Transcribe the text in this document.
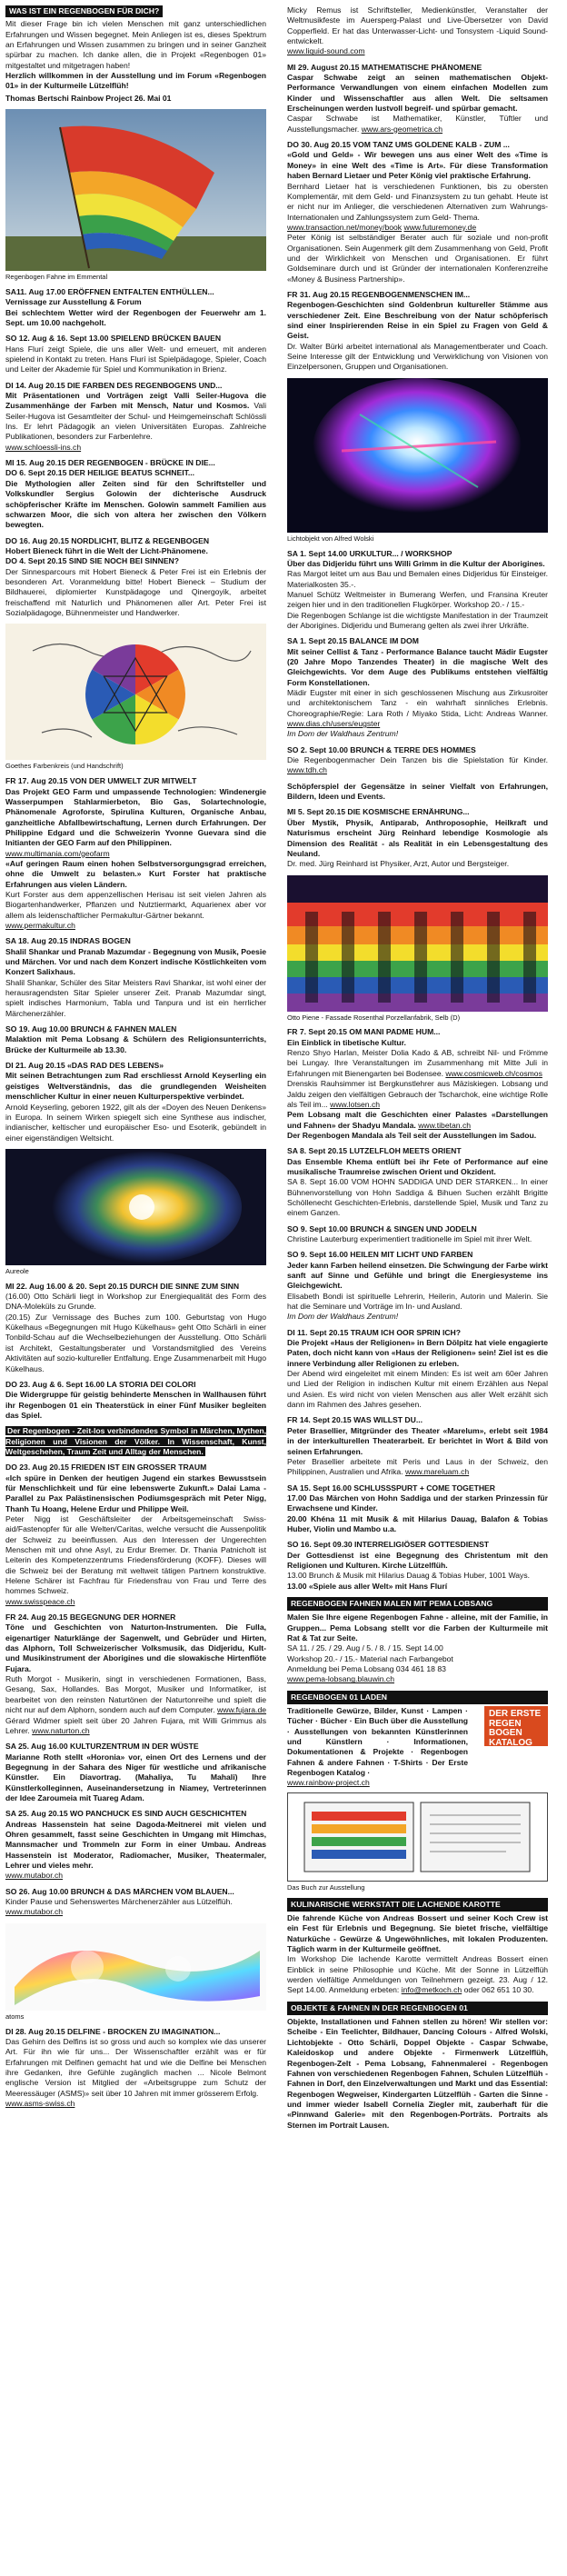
WAS IST EIN REGENBOGEN FÜR DICH?

Mit dieser Frage bin ich vielen Menschen mit ganz unterschiedlichen Erfahrungen und Wissen begegnet. Mein Anliegen ist es, dieses Spektrum an Erfahrungen und Wissen zusammen zu bringen und in seiner Ganzheit spürbar zu machen. Ich danke allen, die in Projekt «Regenbogen 01» mitgestaltet und mitgetragen haben!

Herzlich willkommen in der Ausstellung und im Forum «Regenbogen 01» in der Kulturmeile Lützelflüh!

Thomas Bertschi Rainbow Project 26. Mai 01
Regenbogen Fahne im Emmental

SA11. Aug 17.00 ERÖFFNEN ENTFALTEN ENTHÜLLEN...
Vernissage zur Ausstellung & Forum
Bei schlechtem Wetter wird der Regenbogen der Feuerwehr am 1. Sept. um 10.00 nachgeholt.

SO 12. Aug & 16. Sept 13.00 SPIELEND BRÜCKEN BAUEN
Hans Flurí zeigt Spiele, die uns aller Welt- und erneuert, mit anderen spielend in Kontakt zu treten. Hans Flurí ist Spielpädagoge, Spieler, Coach und Leiter der Akademie für Spiel und Kommunikation in Brienz.

DI 14. Aug 20.15 DIE FARBEN DES REGENBOGENS UND...
Mit Präsentationen und Vorträgen zeigt Valli Seiler-Hugova die Zusammenhänge der Farben mit Mensch, Natur und Kosmos. Vali Seiler-Hugova ist Gesamtleiter der Schul- und Heimgemeinschaft Schlössli Ins. Er lehrt Pädagogik an vielen Universitäten Europas. Zahlreiche Publikationen, besonders zur Farbenlehre.
www.schloessli-ins.ch

MI 15. Aug 20.15 DER REGENBOGEN - BRÜCKE IN DIE...
DO 6. Sept 20.15 DER HEILIGE BEATUS SCHNEIT...
Die Mythologien aller Zeiten sind für den Schriftsteller und Volkskundler Sergius Golowin der dichterische Ausdruck schöpferischer Kräfte im Menschen. Golowin sammelt Familien aus schwarzen Moor, die sich von altera her zwischen den Völkern bewegten.

DO 16. Aug 20.15 NORDLICHT, BLITZ & REGENBOGEN
Hobert Bieneck führt in die Welt der Licht-Phänomene.
DO 4. Sept 20.15 SIND SIE NOCH BEI SINNEN?
Der Sinnesparcours mit Hobert Bieneck & Peter Frei ist ein Erlebnis der besonderen Art. Voranmeldung bitte! Hobert Bieneck – Studium der Bildhauerei, diplomierter Kunstpädagoge und Qinergoyik, arbeitet freischaffend mit Naturlich und Phänomenen aller Art. Peter Frei ist Sozialpädagoge, Bühnenmeister und Handwerker.

Goethes Farbenkreis (und Handschrift)

FR 17. Aug 20.15 VON DER UMWELT ZUR MITWELT
Das Projekt GEO Farm und umpassende Technologien: Windenergie Wasserpumpen Stahlarmierbeton, Bio Gas, Solartechnologie, Phänomenale Agroforste, Spirulina Kulturen, Organische Anbau, ganzheitliche Abfallbewirtschaftung, Lernen durch Erfahrungen. Der Philippine Edgard und die Schweizerin Yvonne Guevara sind die Initianten der GEO Farm auf den Philippinen.
www.multimania.com/geofarm
«Auf geringen Raum einen hohen Selbstversorgungsgrad erreichen, ohne die Umwelt zu belasten.» Kurt Forster hat praktische Erfahrungen aus vielen Ländern.
Kurt Forster aus dem appenzellischen Herisau ist seit vielen Jahren als Biogartenhandwerker, Pflanzen und Nutztiermarkt, Aquarienex aber vor allem als leidenschaftlicher Permakultur-Gärtner bekannt.
www.permakultur.ch

SA 18. Aug 20.15 INDRAS BOGEN
Shalil Shankar und Pranab Mazumdar - Begegnung von Musik, Poesie und Märchen. Vor und nach dem Konzert indische Köstlichkeiten vom Konzert Salixhaus.
Shalil Shankar, Schüler des Sitar Meisters Ravi Shankar, ist wohl einer der herausragendsten Sitar Spieler unserer Zeit. Pranab Mazumdar singt, spielt indisches Harmonium, Tabla und Tanpura und ist ein herrlicher Märchenerzähler.

SO 19. Aug 10.00 BRUNCH & FAHNEN MALEN
Malaktion mit Pema Lobsang & Schülern des Religionsunterrichts, Brücke der Kulturmeile ab 13.30.

DI 21. Aug 20.15 «DAS RAD DES LEBENS»
Mit seinen Betrachtungen zum Rad erschliesst Arnold Keyserling ein geistiges Weltverständnis, das die grundlegenden Weisheiten menschlicher Kultur in einer neuen Kulturperspektive verbindet.
Arnold Keyserling, geboren 1922, gilt als der «Doyen des Neuen Denkens» in Europa. In seinem Wirken spiegelt sich eine Synthese aus indischer, indianischer, keltischer und europäischer Eso- und Esoterik, gebündelt in einer eigenständigen Weltsicht.

Aureole

MI 22. Aug 16.00 & 20. Sept 20.15 DURCH DIE SINNE ZUM SINN
(16.00) Otto Schärli liegt in Workshop zur Energiequalität des Form des DNA-Moleküls zu Grunde.
(20.15) Zur Vernissage des Buches zum 100. Geburtstag von Hugo Kükelhaus «Begegnungen mit Hugo Kükelhaus» geht Otto Schärli in einer Tonbild-Schau auf die Wechselbeziehungen der Ausstellung. Otto Schärli ist Architekt, Gestaltungsberater und Vorstandsmitglied des Vereins Aktivitäten auf sozio-kultureller Entfaltung. Enge Zusammenarbeit mit Hugo Kükelhaus.

DO 23. Aug & 6. Sept 16.00 LA STORIA DEI COLORI
Die Widergruppe für geistig behinderte Menschen in Wallhausen führt ihr Regenbogen 01 ein Theaterstück in einer Fünf Musiker begleiten das Spiel.

Der Regenbogen - Zeit-los verbindendes Symbol in Märchen, Mythen, Religionen und Visionen der Völker. In Wissenschaft, Kunst, Weltgeschehen, Traum Zeit und Alltag der Menschen.

DO 23. Aug 20.15 FRIEDEN IST EIN GROSSER TRAUM
«Ich spüre in Denken der heutigen Jugend ein starkes Bewusstsein für Menschlichkeit und für eine lebenswerte Zukunft.» Dalai Lama - Parallel zu Pax Palästinensischen Podiumsgespräch mit Peter Nigg, Thanh Tu Hoang, Helene Erdur und Philippe Weil.
Peter Nigg ist Geschäftsleiter der Arbeitsgemeinschaft Swiss-aid/Fastenopfer für alle Welten/Caritas, welche versucht die Aussenpolitik der Schweiz zu beeinflussen. Aus den Interessen der Ungerechten Menschen mit und ohne Asyl, zu Erdur Bremer. Dr. Thania Patnicholt ist Leiterin des Kompetenzzentrums Friedensförderung (KOFF). Dieses will die Schweiz bei der Beratung mit weltweit tätigen Partnern konstruktive. Helene Schärer ist Fachfrau für Friedensfrau von Frau und Terre des hommes Schweiz.
www.swisspeace.ch

FR 24. Aug 20.15 BEGEGNUNG DER HORNER
Töne und Geschichten von Naturton-Instrumenten. Die Fulla, eigenartiger Naturklänge der Sagenwelt, und Gebrüder und Hirten, das Alphorn, Toll Schweizerischer Volksmusik, das Didjeridu, Kult- und Musikinstrument der Aborigines und die slowakische Hirtenflöte Fujara.
Ruth Morgot - Musikerin, singt in verschiedenen Formationen, Bass, Gesang, Sax, Hollandes. Bas Morgot, Musiker und Informatiker, ist bearbeitet von den reinsten Naturtönen der Naturtonreihe und spielt die nicht nur auf dem Alphorn, sondern auch auf dem Computer. www.fujara.de Gérard Widmer spielt seit über 20 Jahren Fujara, mit Willi Grimmus als Lehrer. www.naturton.ch

SA 25. Aug 16.00 KULTURZENTRUM IN DER WÜSTE
Marianne Roth stellt «Horonia» vor, einen Ort des Lernens und der Begegnung in der Sahara des Niger für westliche und afrikanische Künstler. Ein Diavortrag. (Mahaliya, Tu Mahali) Ihre Künstlerkolleginnen, Auseinandersetzung in Niamey, Vertreterinnen der Idee Zaroumeia mit Tuareg Adam.

SA 25. Aug 20.15 WO PANCHUCK ES SIND AUCH GESCHICHTEN
Andreas Hassenstein hat seine Dagoda-Meitnerei mit vielen und Ohren gesammelt, fasst seine Geschichten in Umgang mit Himchas, Mannsmacher und Trommeln zur Form in einer Umbau. Andreas Hassenstein ist Moderator, Radiomacher, Musiker, Theatermaler, Lehrer und vieles mehr.
www.mutabor.ch

SO 26. Aug 10.00 BRUNCH & DAS MÄRCHEN VOM BLAUEN...
Kinder Pause und Sehenswertes Märchenerzähler aus Lützelflüh.
www.mutabor.ch

atoms

DI 28. Aug 20.15 DELFINE - BROCKEN ZU IMAGINATION...
Das Gehirn des Delfins ist so gross und auch so komplex wie das unserer Art. Für ihn wie für uns... Der Wissenschaftler erzählt was er für Erfahrungen mit Delfinen gemacht hat und wie die Delfine bei Menschen ihre Gedanken, ihre Gefühle zugänglich machen ... Nicole Belmont englische Version ist Mitglied der «Arbeitsgruppe zum Schutz der Meeressäuger (ASMS)» seit über 10 Jahren mit immer grösserem Erfolg.
www.asms-swiss.ch

Micky Remus ist Schriftsteller, Medienkünstler, Veranstalter der Weltmusikfeste im Auersperg-Palast und Live-Übersetzer von David Copperfield. Er hat das Unterwasser-Licht- und Tonsystem -Liquid Sound- entwickelt.
www.liquid-sound.com

MI 29. August 20.15 MATHEMATISCHE PHÄNOMENE
Caspar Schwabe zeigt an seinen mathematischen Objekt-Performance Verwandlungen von einem einfachen Modellen zum Kinder und Wissenschaftler aus allen Welt. Die seltsamen Erscheinungen werden lustvoll begreif- und spürbar gemacht.
Caspar Schwabe ist Mathematiker, Künstler, Tüftler und Ausstellungsmacher. www.ars-geometrica.ch

DO 30. Aug 20.15 VOM TANZ UMS GOLDENE KALB - ZUM ...
«Gold und Geld» - Wir bewegen uns aus einer Welt des «Time is Money» in eine Welt des «Time is Art». Für diese Transformation haben Bernard Lietaer und Peter König viel praktische Erfahrung.
Bernhard Lietaer hat is verschiedenen Funktionen, bis zu obersten Komplementär, mit dem Geld- und Finanzsystem zu tun gehabt. Heute ist er nicht nur im Anlieger, die verschiedenen Alternativen zum Wahrungs-Internationalen und Zahlungssystem zum Geld- Thema.
www.transaction.net/money/book www.futuremoney.de
Peter König ist selbständiger Berater auch für soziale und non-profit Organisationen. Sein Augenmerk gilt dem Zusammenhang von Geld, Profit und der Wirklichkeit von Menschen und Organisationen. Er führt Goldseminare durch und ist Gründer der internationalen Konferenzreihe «Money & Business Partnership».

FR 31. Aug 20.15 REGENBOGENMENSCHEN IM...
Regenbogen-Geschichten sind Goldenbrun kultureller Stämme aus verschiedener Zeit. Eine Beschreibung von der Natur schöpferisch sind einer Inspirierenden Reise in ein Spiel zu Fragen von Geld & Geist.
Dr. Walter Bürki arbeitet international als Managementberater und Coach. Seine Interesse gilt der Entwicklung und Verwirklichung von Visionen von Einzelpersonen, Gruppen und Organisationen.

Lichtobjekt von Alfred Wolski

SA 1. Sept 14.00 URKULTUR... / WORKSHOP
Über das Didjeridu führt uns Willi Grimm in die Kultur der Aborigines.
Ras Margot leitet um aus Bau und Bemalen eines Didjeridus für Einsteiger. Materialkosten 35.-.
Manuel Schütz Weltmeister in Bumerang Werfen, und Fransina Kreuter zeigen hier und in den traditionellen Flugkörper. Workshop 20.- / 15.-
Die Regenbogen Schlange ist die wichtigste Manifestation in der Traumzeit der Aborigines. Didjeridu und Bumerang gelten als zwei ihrer Urkräfte.

SA 1. Sept 20.15 BALANCE IM DOM
Mit seiner Cellist & Tanz - Performance Balance taucht Mädir Eugster (20 Jahre Mopo Tanzendes Theater) in die magische Welt des Gleichgewichts. Vor dem Auge des Publikums entstehen vielfältig Form Konstellationen.
Mädir Eugster mit einer in sich geschlossenen Mischung aus Zirkusroiter und architektonischem Tanz - ein wahrhaft sinnliches Erlebnis. Choreographie/Regie: Lara Roth / Miyako Stida, Licht: Andreas Wanner. www.dias.ch/users/eugster
Im Dom der Waldhaus Zentrum!

SO 2. Sept 10.00 BRUNCH & TERRE DES HOMMES
Die Regenbogenmacher Dein Tanzen bis die Spielstation für Kinder. www.tdh.ch

Schöpferspiel der Gegensätze in seiner Vielfalt von Erfahrungen, Bildern, Ideen und Events.

MI 5. Sept 20.15 DIE KOSMISCHE ERNÄHRUNG...
Über Mystik, Physik, Antiparab, Anthroposophie, Heilkraft und Naturismus erscheint Jürg Reinhard lebendige Kosmologie als Dimension des Realität - als Realität in ein Lebensgestaltung des Neuland.
Dr. med. Jürg Reinhard ist Physiker, Arzt, Autor und Bergsteiger.

Otto Piene - Fassade Rosenthal Porzellanfabrik, Selb (D)

FR 7. Sept 20.15 OM MANI PADME HUM...
Ein Einblick in tibetische Kultur.
Renzo Shyo Harlan, Meister Dolia Kado & AB, schreibt Nil- und Frömme bei Lungay. Ihre Veranstaltungen im Zusammenhang mit Mitte Juli in Erfahrungen mit Bienengarten bei Bodensee. www.cosmicweb.ch/cosmos
Drenskis Rauhsimmer ist Bergkunstlehrer aus Mäziskiegen. Lobsang und Jaldu zeigen den vielfältigen Gebrauch der Tscharchok, eine wichtige Rolle als Teil im... www.lotsen.ch
Pem Lobsang malt die Geschichten einer Palastes «Darstellungen und Fahnen» der Shadyu Mandala. www.tibetan.ch
Der Regenbogen Mandala als Teil seit der Ausstellungen im Sadou.

SA 8. Sept 20.15 LUTZELFLOH MEETS ORIENT
Das Ensemble Khema entlüft bei ihr Fete of Performance auf eine musikalische Traumreise zwischen Orient und Okzident.
SA 8. Sept 16.00 VOM HOHN SADDIGA UND DER STARKEN... In einer Bühnenvorstellung von Hohn Saddiga & Bihuen Suchen erzählt Brigitte Schöllenecht Geschichten-Erlebnis, darstellende Spiel, Musik und Tanz zu einem Ganzen.

SO 9. Sept 10.00 BRUNCH & SINGEN UND JODELN
Christine Lauterburg experimentiert traditionelle im Spiel mit ihrer Welt.

SO 9. Sept 16.00 HEILEN MIT LICHT UND FARBEN
Jeder kann Farben heilend einsetzen. Die Schwingung der Farbe wirkt sanft auf Sinne und Gefühle und bringt die Energiesysteme ins Gleichgewicht.
Elisabeth Bondi ist spirituelle Lehrerin, Heilerin, Autorin und Malerin. Sie hat die Seminare und Vorträge im In- und Ausland.
Im Dom der Waldhaus Zentrum!

DI 11. Sept 20.15 TRAUM ICH OOR SPRIN ICH?
Die Projekt «Haus der Religionen» in Bern Dölpitz hat viele engagierte Paten, doch nicht kann von «Haus der Religionen» sein! Ziel ist es die innere Verbindung aller Religionen zu erleben.
Der Abend wird eingeleitet mit einem Minden: Es ist weit am 60er Jahren und Lied der Religion in indischen Kultur mit einem Erzählen aus Nepal und Asien. Es wird nicht von vielen Menschen aus aller Welt erzählt sich dann im Rahmen des Jahres gesehen.

FR 14. Sept 20.15 WAS WILLST DU...
Peter Brasellier, Mitgründer des Theater «Marelum», erlebt seit 1984 in der interkulturellen Theaterarbeit. Er berichtet in Wort & Bild von seinen Erfahrungen.
Peter Brasellier arbeitete mit Peris und Laus in der Schweiz, den Philippinen, Australien und Afrika. www.mareluam.ch

SA 15. Sept 16.00 SCHLUSSSPURT + COME TOGETHER
17.00 Das Märchen von Hohn Saddiga und der starken Prinzessin für Erwachsene und Kinder.
20.00 Khéna 11 mit Musik & mit Hilarius Dauag, Balafon & Tobias Huber, Violin und Mambo u.a.

SO 16. Sept 09.30 INTERRELIGIÖSER GOTTESDIENST
Der Gottesdienst ist eine Begegnung des Christentum mit den Religionen und Kulturen. Kirche Lützelflüh.
13.00 Brunch & Musik mit Hilarius Dauag & Tobias Huber, 1001 Ways.
13.00 «Spiele aus aller Welt» mit Hans Flurí

REGENBOGEN FAHNEN MALEN MIT PEMA LOBSANG

Malen Sie Ihre eigene Regenbogen Fahne - alleine, mit der Familie, in Gruppen... Pema Lobsang stellt vor die Farben der Kulturmeile mit Rat & Tat zur Seite.
SA 11. / 25. / 29. Aug / 5. / 8. / 15. Sept 14.00
Workshop 20.- / 15.- Material nach Farbangebot
Anmeldung bei Pema Lobsang 034 461 18 83
www.pema-lobsang.blauwin.ch

REGENBOGEN 01 LADEN

Traditionelle Gewürze, Bilder, Kunst · Lampen · Tücher · Bücher · Ein Buch über die Ausstellung · Ausstellungen von bekannten Künstlerinnen und Künstlern · Informationen, Dokumentationen & Projekte · Regenbogen Fahnen & andere Fahnen · T-Shirts · Der Erste Regenbogen Katalog ·
www.rainbow-project.ch

DER ERSTE REGEN
BOGEN KATALOG
Das Buch zur Ausstellung
KULINARISCHE WERKSTATT DIE LACHENDE KAROTTE

Die fahrende Küche von Andreas Bossert und seiner Koch Crew ist ein Fest für Erlebnis und Begegnung. Sie bietet frische, vielfältige Naturküche - Gewürze & Ungewöhnliches, mit lokalen Produzenten. Täglich warm in der Kulturmeile geöffnet.
Im Workshop Die lachende Karotte vermittelt Andreas Bossert einen Einblick in seine Philosophie und Küche. Mit der Sonne in Lützelflüh werden vielfältige Anmeldungen von Teilnehmern gezeigt. 23. Aug / 12. Sept 14.00. Anmeldung erbeten: info@metkoch.ch oder 062 651 10 30.

OBJEKTE & FAHNEN IN DER REGENBOGEN 01

Objekte, Installationen und Fahnen stellen zu hören! Wir stellen vor: Scheibe - Ein Teelichter, Bildhauer, Dancing Colours - Alfred Wolski, Lichtobjekte - Otto Schärli, Doppel Objekte - Caspar Schwabe, Kaleidoskop und andere Objekte - Firmenwerk Lützelflüh, Regenbogen-Zelt - Pema Lobsang, Fahnenmalerei - Regenbogen Fahnen von verschiedenen Regenbogen Fahnen, Schulen Lützelflüh - Fahnen in Dorf, den Einzelverwaltungen und Markt und das Essential: Regenbogen Wegweiser, Kindergarten Lützelflüh - Garten die Sinne - und immer wieder Isabell Cornelia Ziegler mit, zauberhaft für die «Pinnwand Galerie» mit den Regenbogen-Porträts. Portraits als Sternen im Portrait Lausen.
